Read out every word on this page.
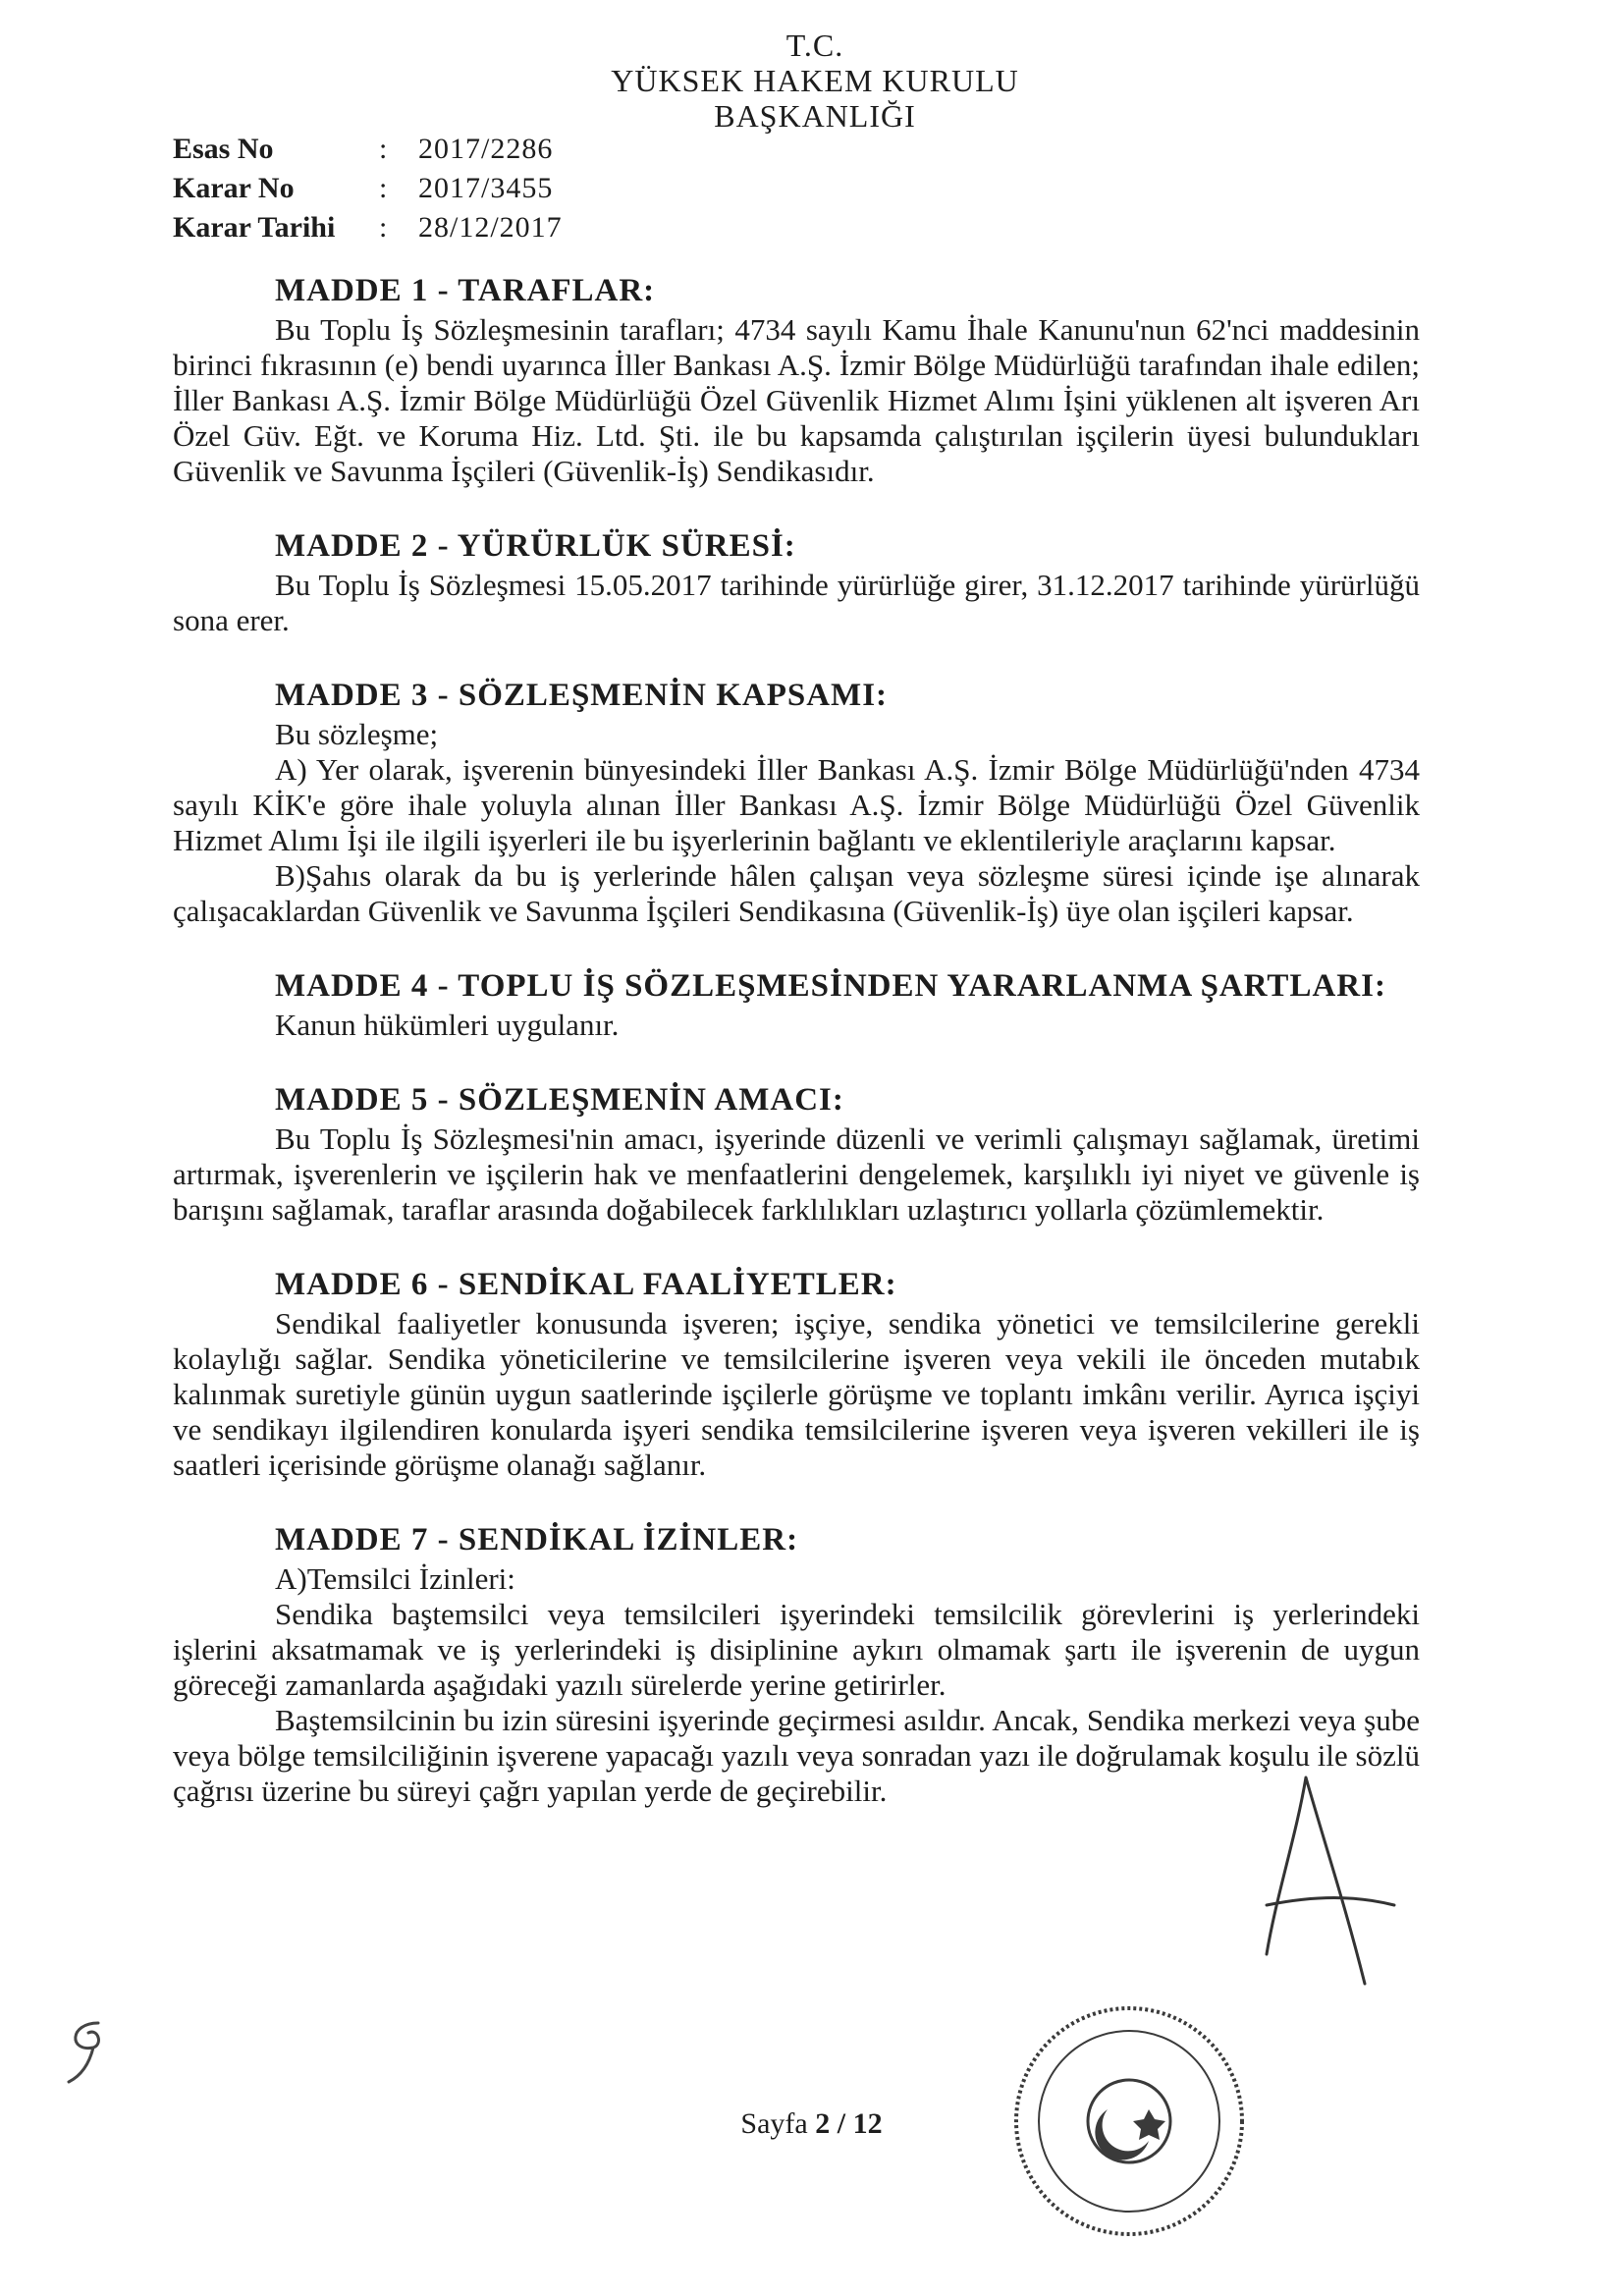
T.C.
YÜKSEK HAKEM KURULU
BAŞKANLIĞI
Esas No	:	2017/2286
Karar No	:	2017/3455
Karar Tarihi	:	28/12/2017
MADDE 1 - TARAFLAR:
Bu Toplu İş Sözleşmesinin tarafları; 4734 sayılı Kamu İhale Kanunu'nun 62'nci maddesinin birinci fıkrasının (e) bendi uyarınca İller Bankası A.Ş. İzmir Bölge Müdürlüğü tarafından ihale edilen; İller Bankası A.Ş. İzmir Bölge Müdürlüğü Özel Güvenlik Hizmet Alımı İşini yüklenen alt işveren Arı Özel Güv. Eğt. ve Koruma Hiz. Ltd. Şti. ile bu kapsamda çalıştırılan işçilerin üyesi bulundukları Güvenlik ve Savunma İşçileri (Güvenlik-İş) Sendikasıdır.
MADDE 2 - YÜRÜRLÜK SÜRESİ:
Bu Toplu İş Sözleşmesi 15.05.2017 tarihinde yürürlüğe girer, 31.12.2017 tarihinde yürürlüğü sona erer.
MADDE 3 - SÖZLEŞMENİN KAPSAMI:
Bu sözleşme;
A) Yer olarak, işverenin bünyesindeki İller Bankası A.Ş. İzmir Bölge Müdürlüğü'nden 4734 sayılı KİK'e göre ihale yoluyla alınan İller Bankası A.Ş. İzmir Bölge Müdürlüğü Özel Güvenlik Hizmet Alımı İşi ile ilgili işyerleri ile bu işyerlerinin bağlantı ve eklentileriyle araçlarını kapsar.
B)Şahıs olarak da bu iş yerlerinde hâlen çalışan veya sözleşme süresi içinde işe alınarak çalışacaklardan Güvenlik ve Savunma İşçileri Sendikasına (Güvenlik-İş) üye olan işçileri kapsar.
MADDE 4 - TOPLU İŞ SÖZLEŞMESİNDEN YARARLANMA ŞARTLARI:
Kanun hükümleri uygulanır.
MADDE 5 - SÖZLEŞMENİN AMACI:
Bu Toplu İş Sözleşmesi'nin amacı, işyerinde düzenli ve verimli çalışmayı sağlamak, üretimi artırmak, işverenlerin ve işçilerin hak ve menfaatlerini dengelemek, karşılıklı iyi niyet ve güvenle iş barışını sağlamak, taraflar arasında doğabilecek farklılıkları uzlaştırıcı yollarla çözümlemektir.
MADDE 6 - SENDİKAL FAALİYETLER:
Sendikal faaliyetler konusunda işveren; işçiye, sendika yönetici ve temsilcilerine gerekli kolaylığı sağlar. Sendika yöneticilerine ve temsilcilerine işveren veya vekili ile önceden mutabık kalınmak suretiyle günün uygun saatlerinde işçilerle görüşme ve toplantı imkânı verilir. Ayrıca işçiyi ve sendikayı ilgilendiren konularda işyeri sendika temsilcilerine işveren veya işveren vekilleri ile iş saatleri içerisinde görüşme olanağı sağlanır.
MADDE 7 - SENDİKAL İZİNLER:
A)Temsilci İzinleri:
Sendika baştemsilci veya temsilcileri işyerindeki temsilcilik görevlerini iş yerlerindeki işlerini aksatmamak ve iş yerlerindeki iş disiplinine aykırı olmamak şartı ile işverenin de uygun göreceği zamanlarda aşağıdaki yazılı sürelerde yerine getirirler.
Baştemsilcinin bu izin süresini işyerinde geçirmesi asıldır. Ancak, Sendika merkezi veya şube veya bölge temsilciliğinin işverene yapacağı yazılı veya sonradan yazı ile doğrulamak koşulu ile sözlü çağrısı üzerine bu süreyi çağrı yapılan yerde de geçirebilir.
Sayfa 2 / 12
